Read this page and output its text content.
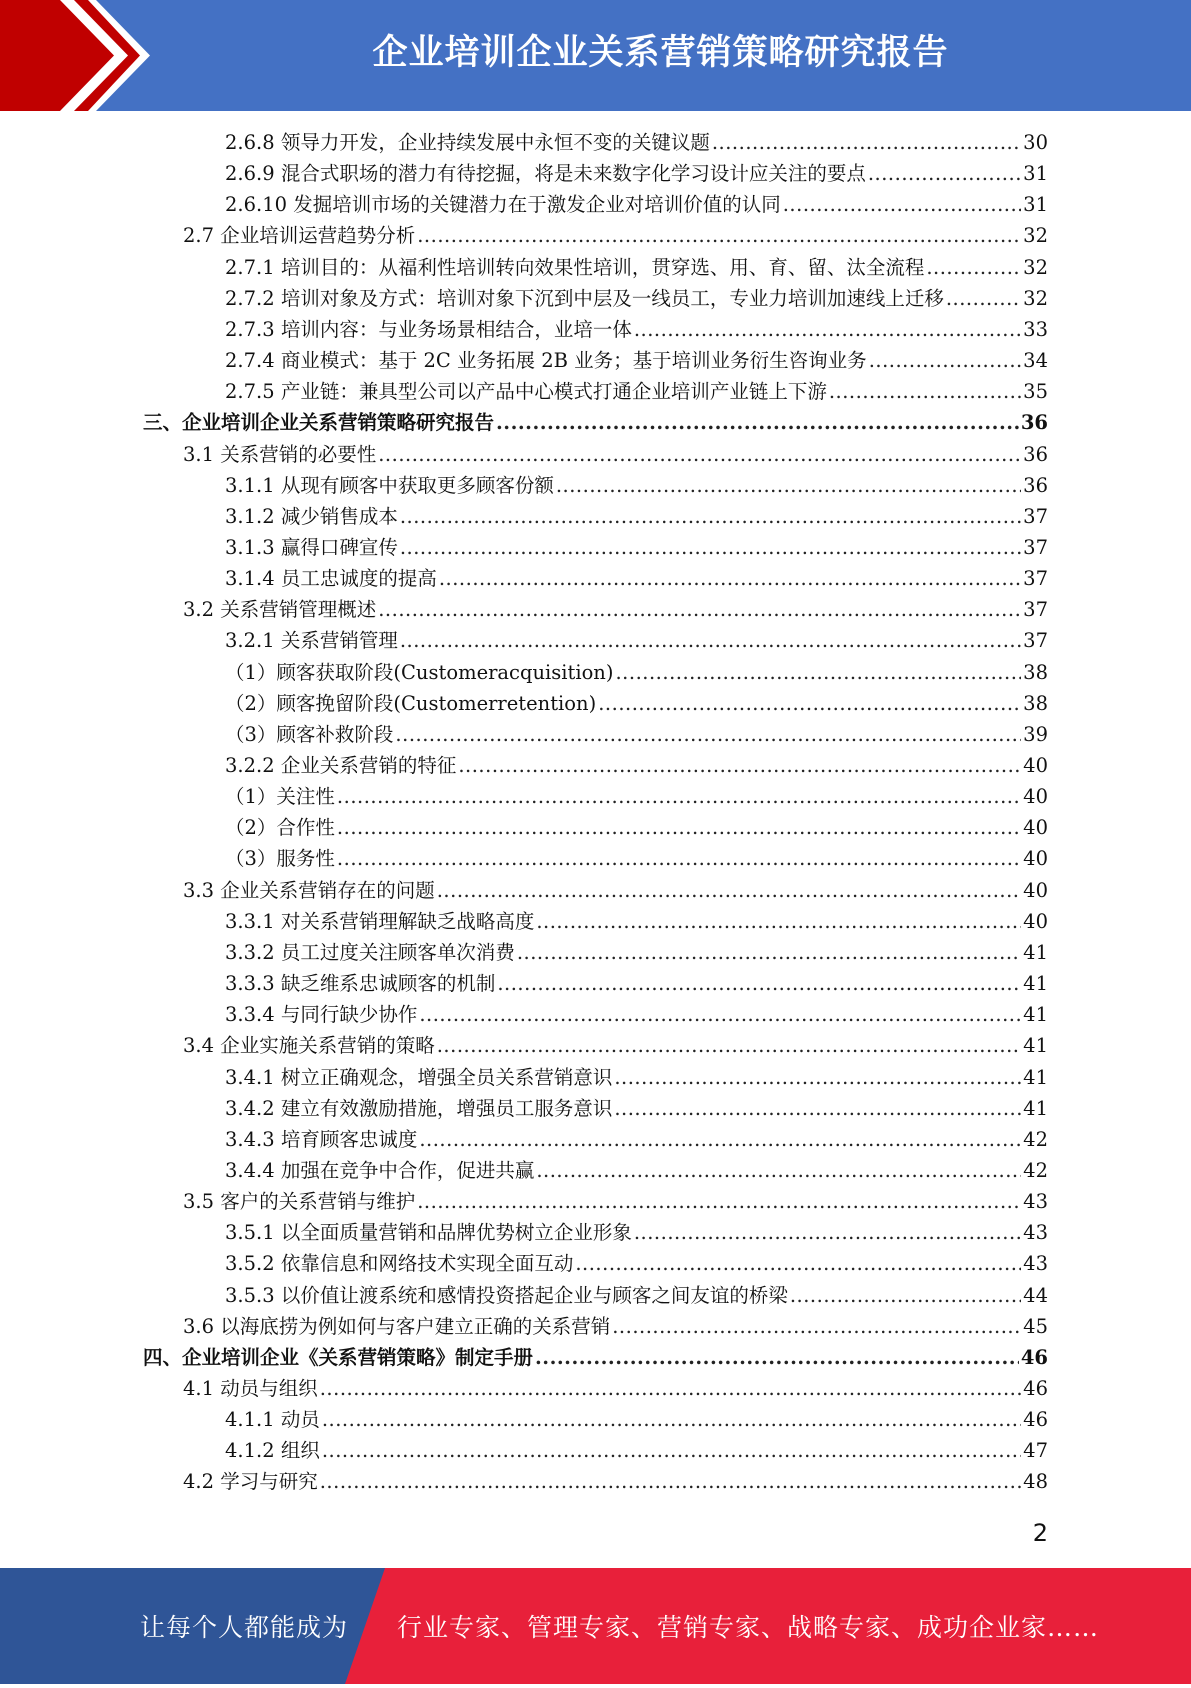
企业培训企业关系营销策略研究报告
2.6.8 领导力开发，企业持续发展中永恒不变的关键议题 .....	30
2.6.9 混合式职场的潜力有待挖掘，将是未来数字化学习设计应关注的要点 .....	31
2.6.10 发掘培训市场的关键潜力在于激发企业对培训价值的认同 .....	31
2.7 企业培训运营趋势分析 .....	32
2.7.1 培训目的：从福利性培训转向效果性培训，贯穿选、用、育、留、汰全流程 .....	32
2.7.2 培训对象及方式：培训对象下沉到中层及一线员工，专业力培训加速线上迁移 .....	32
2.7.3 培训内容：与业务场景相结合，业培一体 .....	33
2.7.4 商业模式：基于 2C 业务拓展 2B 业务；基于培训业务衍生咨询业务 .....	34
2.7.5 产业链：兼具型公司以产品中心模式打通企业培训产业链上下游 .....	35
三、企业培训企业关系营销策略研究报告 .....	36
3.1 关系营销的必要性 .....	36
3.1.1 从现有顾客中获取更多顾客份额 .....	36
3.1.2 减少销售成本 .....	37
3.1.3 赢得口碑宣传 .....	37
3.1.4 员工忠诚度的提高 .....	37
3.2 关系营销管理概述 .....	37
3.2.1 关系营销管理 .....	37
（1）顾客获取阶段(Customeracquisition) .....	38
（2）顾客挽留阶段(Customerretention) .....	38
（3）顾客补救阶段 .....	39
3.2.2 企业关系营销的特征 .....	40
（1）关注性 .....	40
（2）合作性 .....	40
（3）服务性 .....	40
3.3 企业关系营销存在的问题 .....	40
3.3.1 对关系营销理解缺乏战略高度 .....	40
3.3.2 员工过度关注顾客单次消费 .....	41
3.3.3 缺乏维系忠诚顾客的机制 .....	41
3.3.4 与同行缺少协作 .....	41
3.4 企业实施关系营销的策略 .....	41
3.4.1 树立正确观念，增强全员关系营销意识 .....	41
3.4.2 建立有效激励措施，增强员工服务意识 .....	41
3.4.3 培育顾客忠诚度 .....	42
3.4.4 加强在竞争中合作，促进共赢 .....	42
3.5 客户的关系营销与维护 .....	43
3.5.1 以全面质量营销和品牌优势树立企业形象 .....	43
3.5.2 依靠信息和网络技术实现全面互动 .....	43
3.5.3 以价值让渡系统和感情投资搭起企业与顾客之间友谊的桥梁 .....	44
3.6 以海底捞为例如何与客户建立正确的关系营销 .....	45
四、企业培训企业《关系营销策略》制定手册 .....	46
4.1 动员与组织 .....	46
4.1.1 动员 .....	46
4.1.2 组织 .....	47
4.2 学习与研究 .....	48
2
让每个人都能成为 行业专家、管理专家、营销专家、战略专家、成功企业家……
